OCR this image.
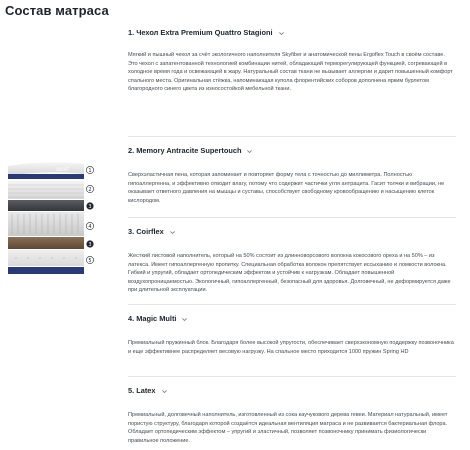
Состав матраса
SKYHT	1
2
3
4
3
5
1. Чехол Extra Premium Quattro Stagioni
Мягкий и пышный чехол за счёт экологичного наполнителя Skyfiber и анатомической пены Ergoflex Touch в своём составе. Это чехол с запатентованной технологией комбинации нитей, обладающий терморегулирующей функцией, согревающей в холодное время года и освежающей в жару. Натуральный состав ткани не вызывает аллергии и дарит повышенный комфорт спального места. Оригинальная стёжка, напоминающая купола флорентийских соборов дополнена ярким бурлетом благородного синего цвета из износостойкой мебельной ткани.
2. Memory Antracite Supertouch
Сверхэластичная пена, которая запоминает и повторяет форму тела с точностью до миллиметра. Полностью гипоаллергенна, и эффективно отводит влагу, потому что содержит частички угля антрацита. Гасит толчки и вибрации, не оказывает ответного давления на мышцы и суставы, способствует свободному кровообращению и насыщению клеток кислородом.
3. Coirflex
Жесткий листовой наполнитель, который на 50% состоит из длинноворсового волокна кокосового ореха и на 50% – из латекса. Имеет гипоаллергенную пропитку. Специальная обработка волокон препятствует иссыханию и ломкости волокна. Гибкий и упругий, обладает ортопедическим эффектом и устойчив к нагрузкам. Обладает повышенной воздухопроницаемостью. Экологичный, гипоаллергенный, безопасный для здоровья. Долговечный, не деформируется даже при длительной эксплуатации.
4. Magic Multi
Премиальный пружинный блок. Благодаря более высокой упругости, обеспечивает сверхэкономную поддержку позвоночника и еще эффективнее распределяет весовую нагрузку. На спальное место приходится 1000 пружин Spring HD
5. Latex
Премиальный, долговечный наполнитель, изготовленный из сока каучукового дерева гевеи. Материал натуральный, имеет пористую структуру, благодаря которой создаётся идеальная вентиляция матраса и не развивается бактериальная флора. Обладает ортопедическим эффектом – упругий и эластичный, позволяет позвоночнику принимать физиологически правильное положение.
